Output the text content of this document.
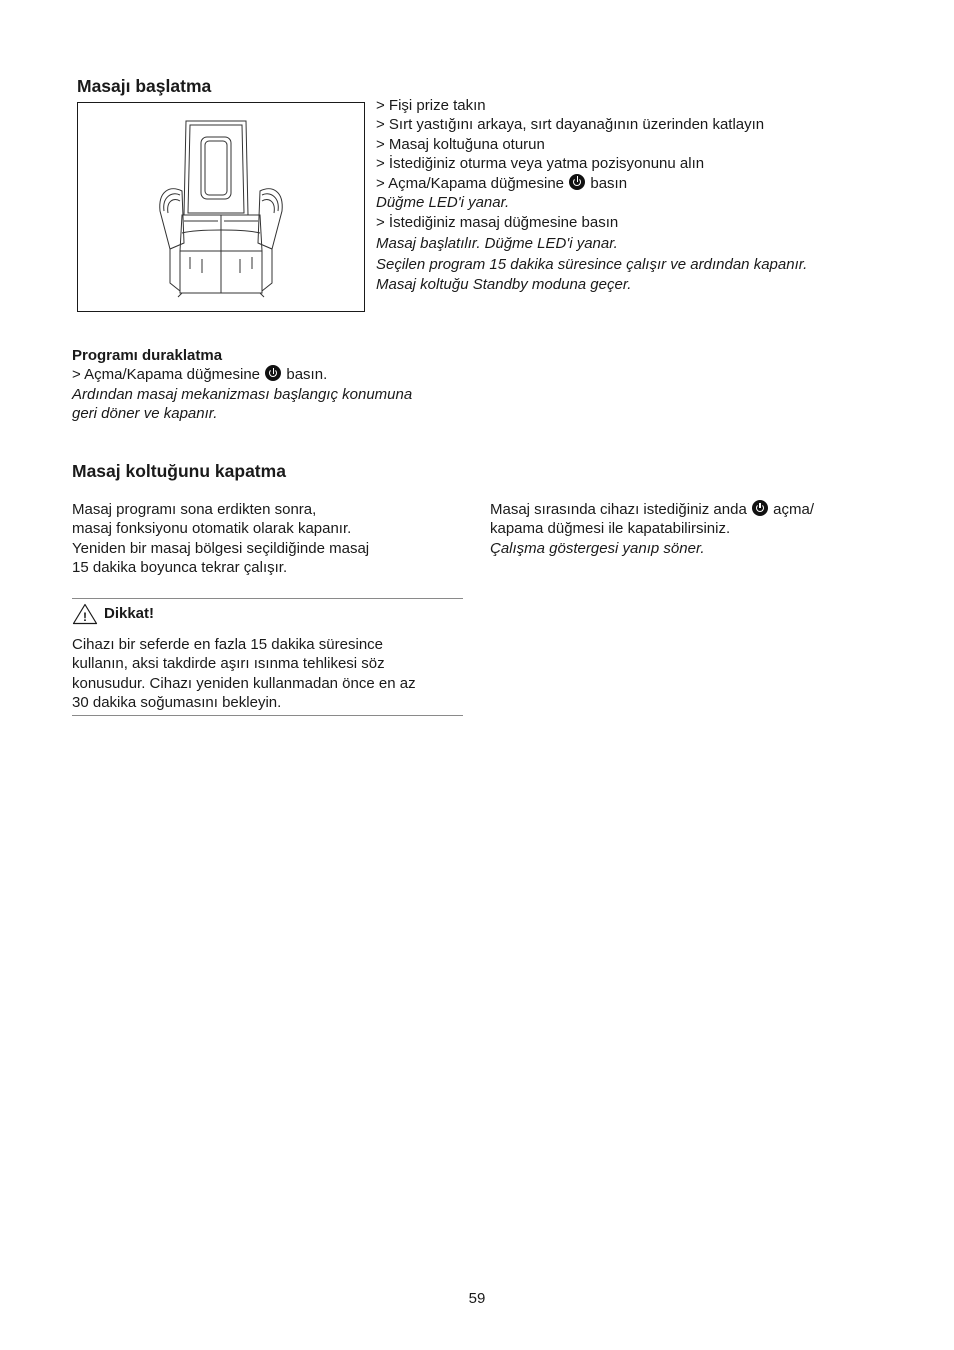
Masajı başlatma
> Fişi prize takın
> Sırt yastığını arkaya, sırt dayanağının üzerinden katlayın
> Masaj koltuğuna oturun
> İstediğiniz oturma veya yatma pozisyonunu alın
> Açma/Kapama düğmesine basın
Düğme LED'i yanar.
> İstediğiniz masaj düğmesine basın
Masaj başlatılır. Düğme LED'i yanar.
Seçilen program 15 dakika süresince çalışır ve ardından kapanır.
Masaj koltuğu Standby moduna geçer.
Programı duraklatma
> Açma/Kapama düğmesine basın.
Ardından masaj mekanizması başlangıç konumuna
geri döner ve kapanır.
Masaj koltuğunu kapatma
Masaj programı sona erdikten sonra,
masaj fonksiyonu otomatik olarak kapanır.
Yeniden bir masaj bölgesi seçildiğinde masaj
15 dakika boyunca tekrar çalışır.
Masaj sırasında cihazı istediğiniz anda açma/
kapama düğmesi ile kapatabilirsiniz.
Çalışma göstergesi yanıp söner.
! Dikkat!
Cihazı bir seferde en fazla 15 dakika süresince
kullanın, aksi takdirde aşırı ısınma tehlikesi söz
konusudur. Cihazı yeniden kullanmadan önce en az
30 dakika soğumasını bekleyin.
59
